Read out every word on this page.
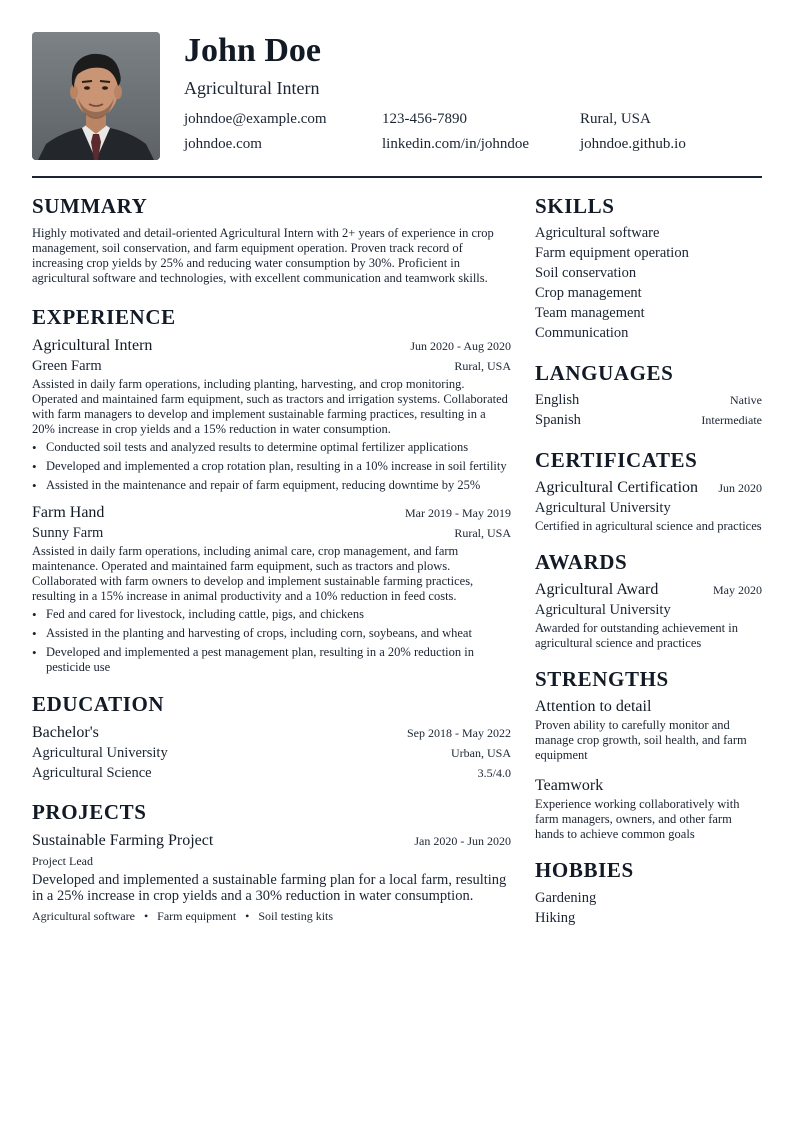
John Doe
Agricultural Intern
johndoe@example.com	123-456-7890	Rural, USA
johndoe.com	linkedin.com/in/johndoe	johndoe.github.io
SUMMARY

Highly motivated and detail-oriented Agricultural Intern with 2+ years of experience in crop management, soil conservation, and farm equipment operation. Proven track record of increasing crop yields by 25% and reducing water consumption by 30%. Proficient in agricultural software and technologies, with excellent communication and teamwork skills.

EXPERIENCE
Agricultural Intern	Jun 2020 - Aug 2020
Green Farm	Rural, USA

Assisted in daily farm operations, including planting, harvesting, and crop monitoring. Operated and maintained farm equipment, such as tractors and irrigation systems. Collaborated with farm managers to develop and implement sustainable farming practices, resulting in a 20% increase in crop yields and a 15% reduction in water consumption.

• Conducted soil tests and analyzed results to determine optimal fertilizer applications
• Developed and implemented a crop rotation plan, resulting in a 10% increase in soil fertility
• Assisted in the maintenance and repair of farm equipment, reducing downtime by 25%
Farm Hand	Mar 2019 - May 2019
Sunny Farm	Rural, USA

Assisted in daily farm operations, including animal care, crop management, and farm maintenance. Operated and maintained farm equipment, such as tractors and plows. Collaborated with farm owners to develop and implement sustainable farming practices, resulting in a 15% increase in animal productivity and a 10% reduction in feed costs.

• Fed and cared for livestock, including cattle, pigs, and chickens
• Assisted in the planting and harvesting of crops, including corn, soybeans, and wheat
• Developed and implemented a pest management plan, resulting in a 20% reduction in pesticide use
EDUCATION
Bachelor's	Sep 2018 - May 2022
Agricultural University	Urban, USA
Agricultural Science	3.5/4.0
PROJECTS
Sustainable Farming Project	Jan 2020 - Jun 2020
Project Lead

Developed and implemented a sustainable farming plan for a local farm, resulting in a 25% increase in crop yields and a 30% reduction in water consumption.

Agricultural software • Farm equipment • Soil testing kits
SKILLS
Agricultural software
Farm equipment operation
Soil conservation
Crop management
Team management
Communication
LANGUAGES
English	Native
Spanish	Intermediate
CERTIFICATES
Agricultural Certification Jun 2020
Agricultural University

Certified in agricultural science and practices

AWARDS
Agricultural Award	May 2020
Agricultural University

Awarded for outstanding achievement in agricultural science and practices

STRENGTHS
Attention to detail

Proven ability to carefully monitor and manage crop growth, soil health, and farm equipment

Teamwork

Experience working collaboratively with farm managers, owners, and other farm hands to achieve common goals

HOBBIES
Gardening
Hiking
